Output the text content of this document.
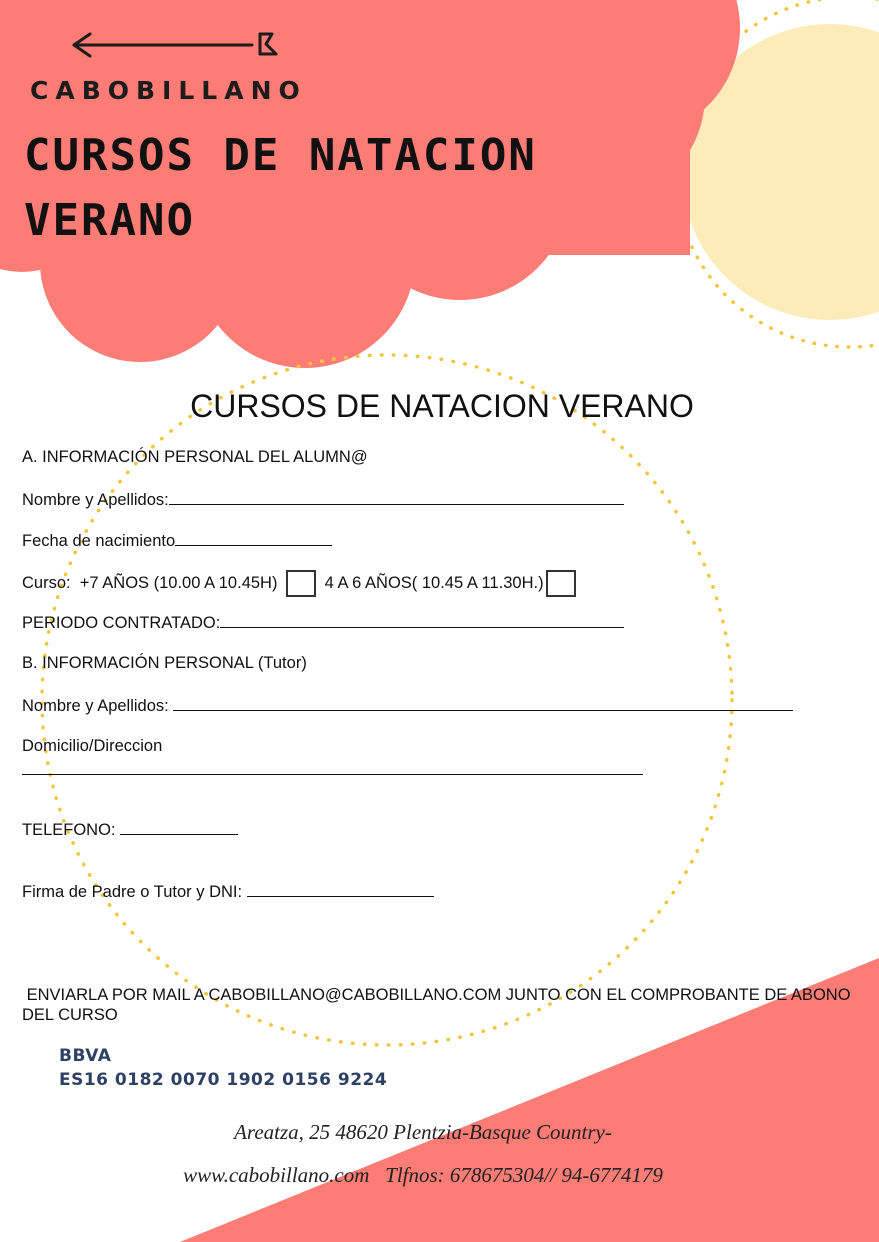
CABOBILLANO
CURSOS DE NATACION
VERANO
CURSOS DE NATACION VERANO
A. INFORMACIÓN PERSONAL DEL ALUMN@
Nombre y Apellidos:
Fecha de nacimiento
Curso: +7 AÑOS (10.00 A 10.45H)	4 A 6 AÑOS( 10.45 A 11.30H.)
PERIODO CONTRATADO:
B. INFORMACIÓN PERSONAL (Tutor)
Nombre y Apellidos:
Domicilio/Direccion
TELEFONO:
Firma de Padre o Tutor y DNI:
ENVIARLA POR MAIL A CABOBILLANO@CABOBILLANO.COM JUNTO CON EL COMPROBANTE DE ABONO DEL CURSO
BBVA
ES16 0182 0070 1902 0156 9224
Areatza, 25 48620 Plentzia-Basque Country-
www.cabobillano.com   Tlfnos: 678675304// 94-6774179
